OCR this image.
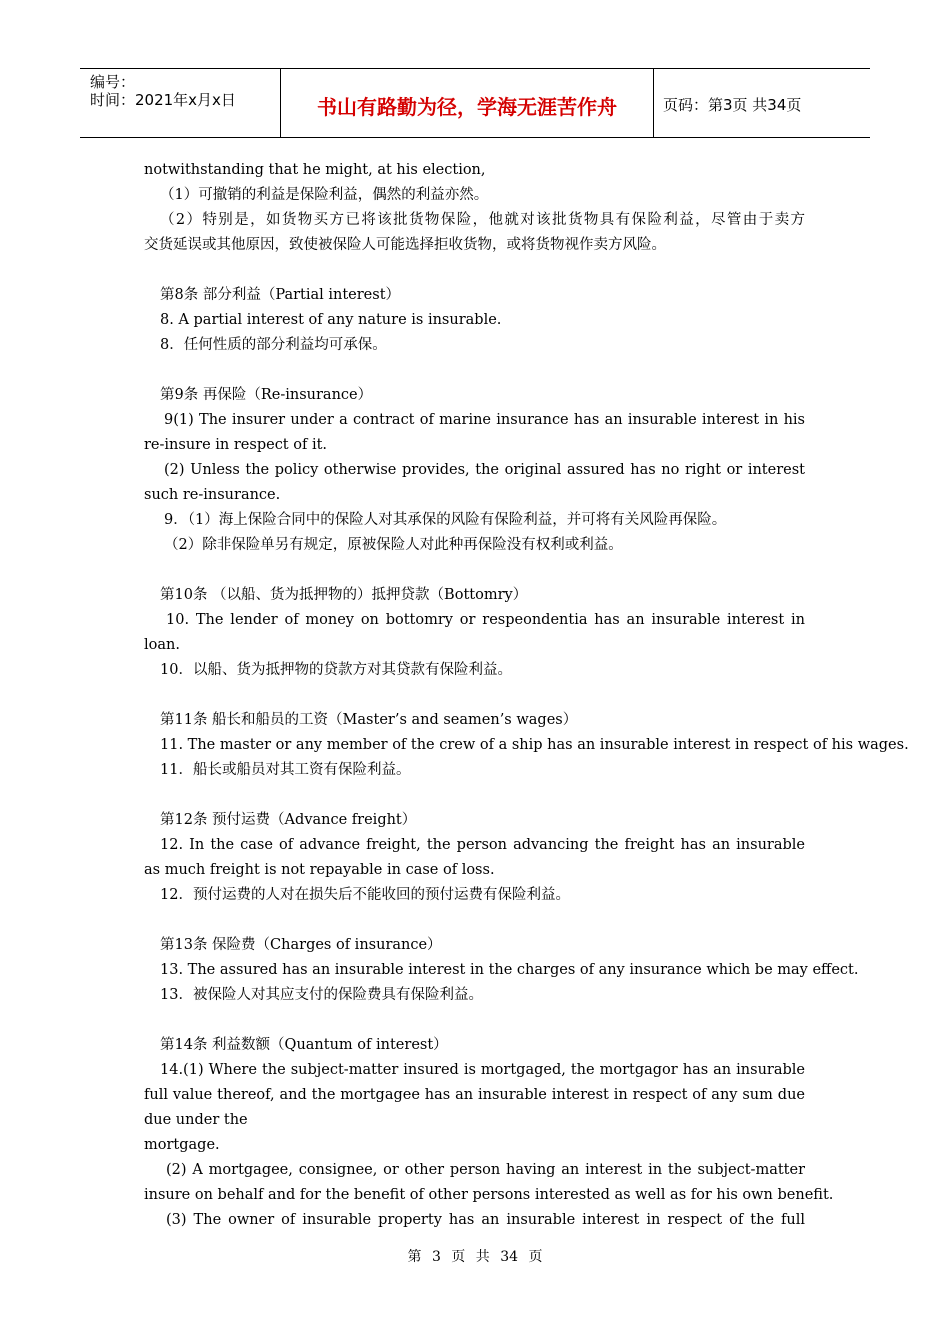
编号：
时间：2021年x月x日	书山有路勤为径，学海无涯苦作舟	页码：第3页 共34页
notwithstanding that he might, at his election,
（1）可撤销的利益是保险利益，偶然的利益亦然。
（2）特别是，如货物买方已将该批货物保险，他就对该批货物具有保险利益，尽管由于卖方
交货延误或其他原因，致使被保险人可能选择拒收货物，或将货物视作卖方风险。
第8条 部分利益（Partial interest）
8. A partial interest of any nature is insurable.
8．任何性质的部分利益均可承保。
第9条 再保险（Re-insurance）
9(1) The insurer under a contract of marine insurance has an insurable interest in his
re-insure in respect of it.
(2) Unless the policy otherwise provides, the original assured has no right or interest
such re-insurance.
9．（1）海上保险合同中的保险人对其承保的风险有保险利益，并可将有关风险再保险。
（2）除非保险单另有规定，原被保险人对此种再保险没有权利或利益。
第10条 （以船、货为抵押物的）抵押贷款（Bottomry）
10. The lender of money on bottomry or respeondentia has an insurable interest in
loan.
10．以船、货为抵押物的贷款方对其贷款有保险利益。
第11条 船长和船员的工资（Master’s and seamen’s wages）
11. The master or any member of the crew of a ship has an insurable interest in respect of his wages.
11．船长或船员对其工资有保险利益。
第12条 预付运费（Advance freight）
12. In the case of advance freight, the person advancing the freight has an insurable
as much freight is not repayable in case of loss.
12．预付运费的人对在损失后不能收回的预付运费有保险利益。
第13条 保险费（Charges of insurance）
13. The assured has an insurable interest in the charges of any insurance which be may effect.
13．被保险人对其应支付的保险费具有保险利益。
第14条 利益数额（Quantum of interest）
14.(1) Where the subject-matter insured is mortgaged, the mortgagor has an insurable
full value thereof, and the mortgagee has an insurable interest in respect of any sum due
due under the
mortgage.
(2) A mortgagee, consignee, or other person having an interest in the subject-matter
insure on behalf and for the benefit of other persons interested as well as for his own benefit.
(3) The owner of insurable property has an insurable interest in respect of the full
第 3 页 共 34 页
